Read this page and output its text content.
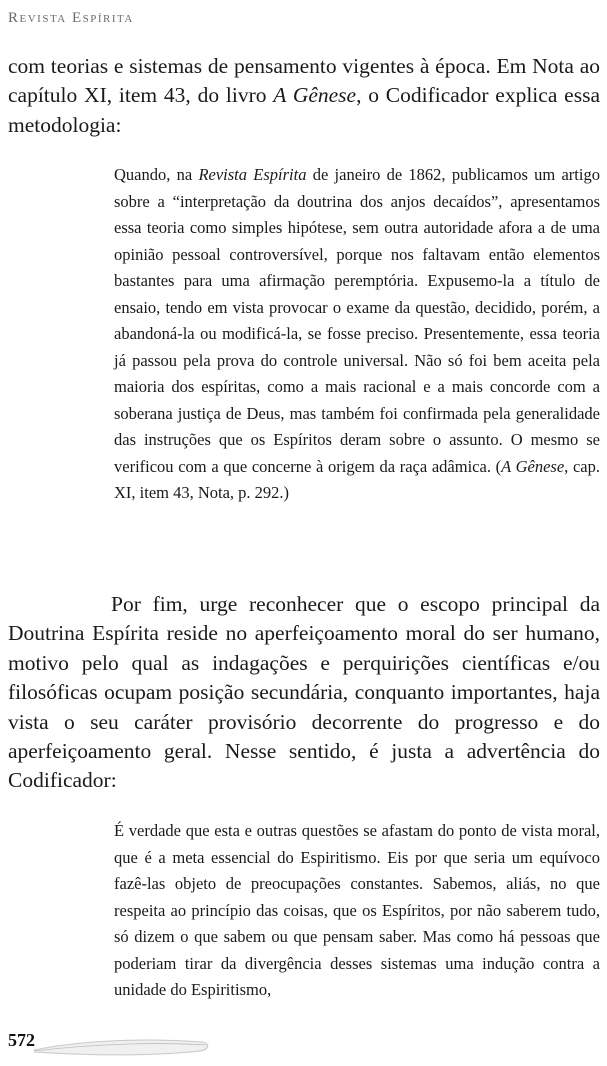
Revista Espírita

com teorias e sistemas de pensamento vigentes à época. Em Nota ao capítulo XI, item 43, do livro A Gênese, o Codificador explica essa metodologia:

Quando, na Revista Espírita de janeiro de 1862, publicamos um artigo sobre a “interpretação da doutrina dos anjos decaídos”, apresentamos essa teoria como simples hipótese, sem outra autoridade afora a de uma opinião pessoal controversível, porque nos faltavam então elementos bastantes para uma afirmação peremptória. Expusemo-la a título de ensaio, tendo em vista provocar o exame da questão, decidido, porém, a abandoná-la ou modificá-la, se fosse preciso. Presentemente, essa teoria já passou pela prova do controle universal. Não só foi bem aceita pela maioria dos espíritas, como a mais racional e a mais concorde com a soberana justiça de Deus, mas também foi confirmada pela generalidade das instruções que os Espíritos deram sobre o assunto. O mesmo se verificou com a que concerne à origem da raça adâmica. (A Gênese, cap. XI, item 43, Nota, p. 292.)

Por fim, urge reconhecer que o escopo principal da Doutrina Espírita reside no aperfeiçoamento moral do ser humano, motivo pelo qual as indagações e perquirições científicas e/ou filosóficas ocupam posição secundária, conquanto importantes, haja vista o seu caráter provisório decorrente do progresso e do aperfeiçoamento geral. Nesse sentido, é justa a advertência do Codificador:

É verdade que esta e outras questões se afastam do ponto de vista moral, que é a meta essencial do Espiritismo. Eis por que seria um equívoco fazê-las objeto de preocupações constantes. Sabemos, aliás, no que respeita ao princípio das coisas, que os Espíritos, por não saberem tudo, só dizem o que sabem ou que pensam saber. Mas como há pessoas que poderiam tirar da divergência desses sistemas uma indução contra a unidade do Espiritismo,

572
